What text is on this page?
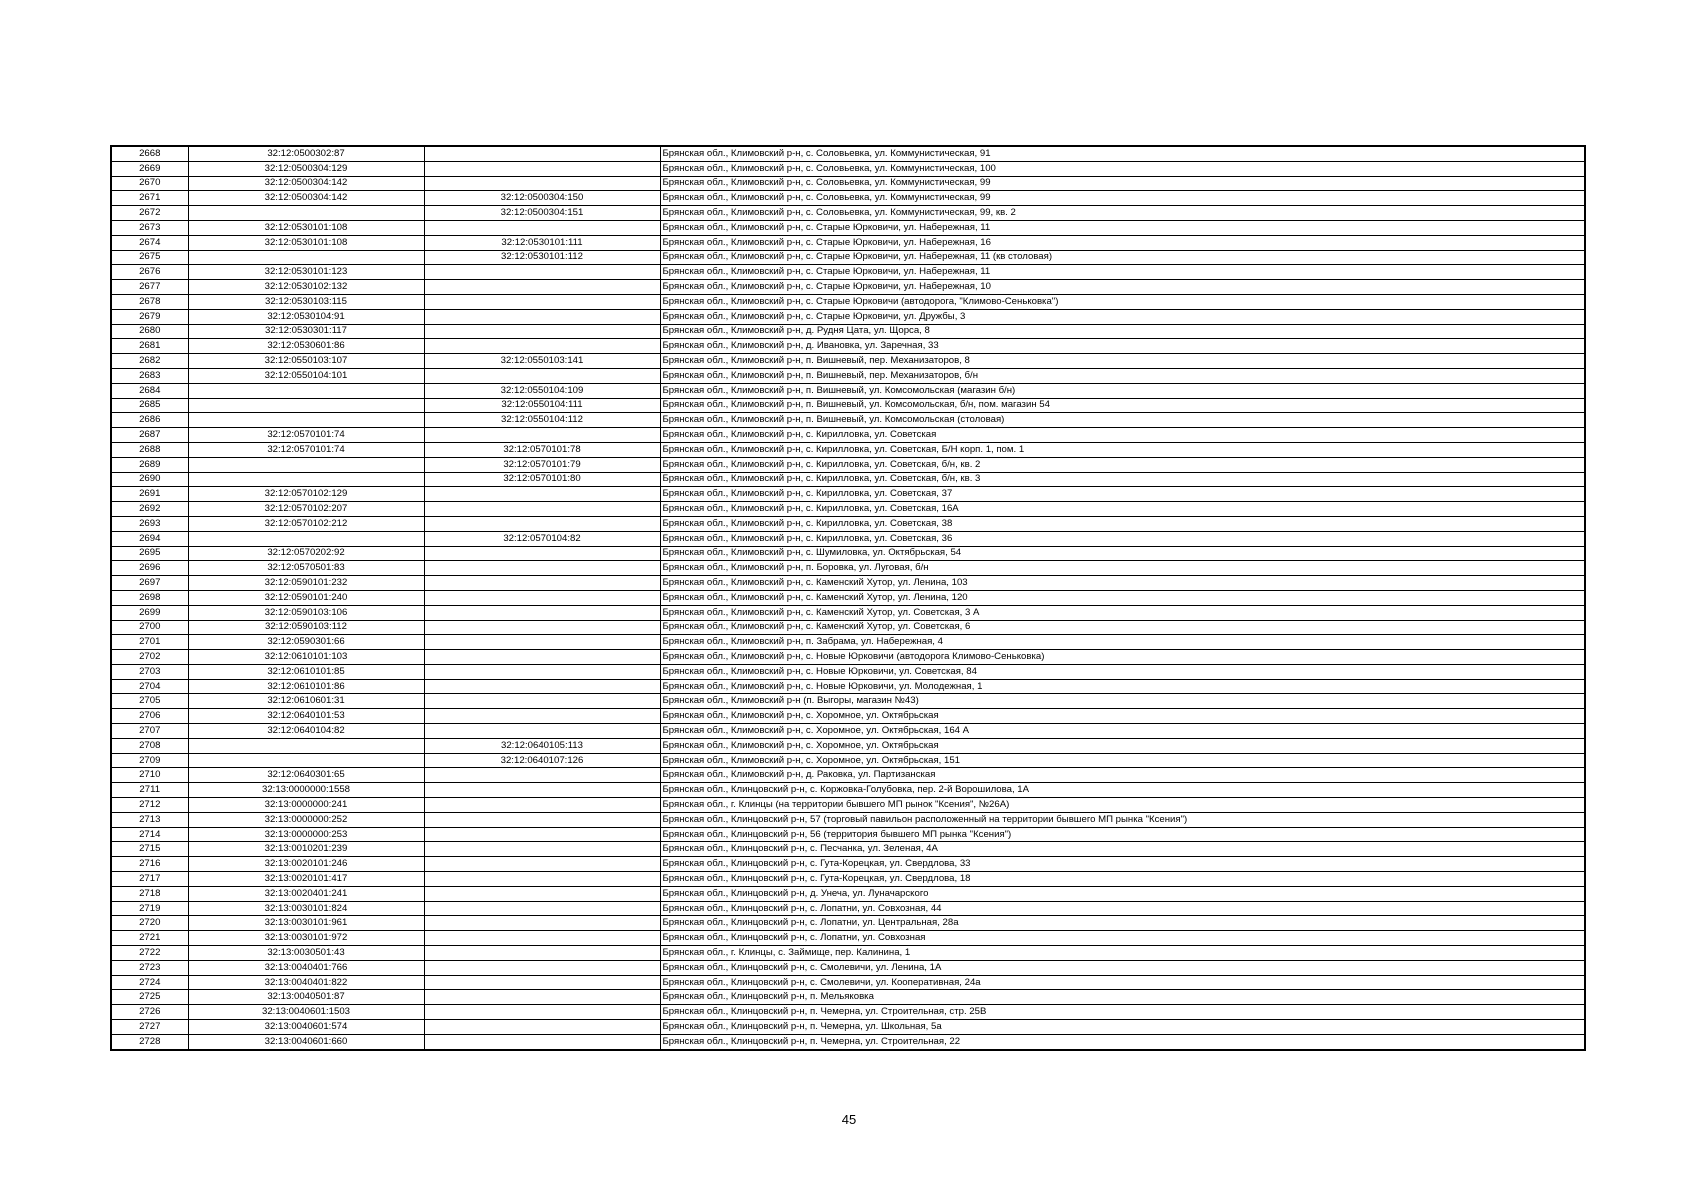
2668	32:12:0500302:87		Брянская обл., Климовский р-н, с. Соловьевка, ул. Коммунистическая, 91
2669	32:12:0500304:129		Брянская обл., Климовский р-н, с. Соловьевка, ул. Коммунистическая, 100
2670	32:12:0500304:142		Брянская обл., Климовский р-н, с. Соловьевка, ул. Коммунистическая, 99
2671	32:12:0500304:142	32:12:0500304:150	Брянская обл., Климовский р-н, с. Соловьевка, ул. Коммунистическая, 99
2672		32:12:0500304:151	Брянская обл., Климовский р-н, с. Соловьевка, ул. Коммунистическая, 99, кв. 2
2673	32:12:0530101:108		Брянская обл., Климовский р-н, с. Старые Юрковичи, ул. Набережная, 11
2674	32:12:0530101:108	32:12:0530101:111	Брянская обл., Климовский р-н, с. Старые Юрковичи, ул. Набережная, 16
2675		32:12:0530101:112	Брянская обл., Климовский р-н, с. Старые Юрковичи, ул. Набережная, 11 (кв столовая)
2676	32:12:0530101:123		Брянская обл., Климовский р-н, с. Старые Юрковичи, ул. Набережная, 11
2677	32:12:0530102:132		Брянская обл., Климовский р-н, с. Старые Юрковичи, ул. Набережная, 10
2678	32:12:0530103:115		Брянская обл., Климовский р-н, с. Старые Юрковичи (автодорога, "Климово-Сеньковка")
2679	32:12:0530104:91		Брянская обл., Климовский р-н, с. Старые Юрковичи, ул. Дружбы, 3
2680	32:12:0530301:117		Брянская обл., Климовский р-н, д. Рудня Цата, ул. Щорса, 8
2681	32:12:0530601:86		Брянская обл., Климовский р-н, д. Ивановка, ул. Заречная, 33
2682	32:12:0550103:107	32:12:0550103:141	Брянская обл., Климовский р-н, п. Вишневый, пер. Механизаторов, 8
2683	32:12:0550104:101		Брянская обл., Климовский р-н, п. Вишневый, пер. Механизаторов, б/н
2684		32:12:0550104:109	Брянская обл., Климовский р-н, п. Вишневый, ул. Комсомольская (магазин б/н)
2685		32:12:0550104:111	Брянская обл., Климовский р-н, п. Вишневый, ул. Комсомольская, б/н, пом. магазин 54
2686		32:12:0550104:112	Брянская обл., Климовский р-н, п. Вишневый, ул. Комсомольская (столовая)
2687	32:12:0570101:74		Брянская обл., Климовский р-н, с. Кирилловка, ул. Советская
2688	32:12:0570101:74	32:12:0570101:78	Брянская обл., Климовский р-н, с. Кирилловка, ул. Советская, Б/Н корп. 1, пом. 1
2689		32:12:0570101:79	Брянская обл., Климовский р-н, с. Кирилловка, ул. Советская, б/н, кв. 2
2690		32:12:0570101:80	Брянская обл., Климовский р-н, с. Кирилловка, ул. Советская, б/н, кв. 3
2691	32:12:0570102:129		Брянская обл., Климовский р-н, с. Кирилловка, ул. Советская, 37
2692	32:12:0570102:207		Брянская обл., Климовский р-н, с. Кирилловка, ул. Советская, 16А
2693	32:12:0570102:212		Брянская обл., Климовский р-н, с. Кирилловка, ул. Советская, 38
2694		32:12:0570104:82	Брянская обл., Климовский р-н, с. Кирилловка, ул. Советская, 36
2695	32:12:0570202:92		Брянская обл., Климовский р-н, с. Шумиловка, ул. Октябрьская, 54
2696	32:12:0570501:83		Брянская обл., Климовский р-н, п. Боровка, ул. Луговая, б/н
2697	32:12:0590101:232		Брянская обл., Климовский р-н, с. Каменский Хутор, ул. Ленина, 103
2698	32:12:0590101:240		Брянская обл., Климовский р-н, с. Каменский Хутор, ул. Ленина, 120
2699	32:12:0590103:106		Брянская обл., Климовский р-н, с. Каменский Хутор, ул. Советская, 3 А
2700	32:12:0590103:112		Брянская обл., Климовский р-н, с. Каменский Хутор, ул. Советская, 6
2701	32:12:0590301:66		Брянская обл., Климовский р-н, п. Забрама, ул. Набережная, 4
2702	32:12:0610101:103		Брянская обл., Климовский р-н, с. Новые Юрковичи (автодорога Климово-Сеньковка)
2703	32:12:0610101:85		Брянская обл., Климовский р-н, с. Новые Юрковичи, ул. Советская, 84
2704	32:12:0610101:86		Брянская обл., Климовский р-н, с. Новые Юрковичи, ул. Молодежная, 1
2705	32:12:0610601:31		Брянская обл., Климовский р-н (п. Выгоры, магазин №43)
2706	32:12:0640101:53		Брянская обл., Климовский р-н, с. Хоромное, ул. Октябрьская
2707	32:12:0640104:82		Брянская обл., Климовский р-н, с. Хоромное, ул. Октябрьская, 164 А
2708		32:12:0640105:113	Брянская обл., Климовский р-н, с. Хоромное, ул. Октябрьская
2709		32:12:0640107:126	Брянская обл., Климовский р-н, с. Хоромное, ул. Октябрьская, 151
2710	32:12:0640301:65		Брянская обл., Климовский р-н, д. Раковка, ул. Партизанская
2711	32:13:0000000:1558		Брянская обл., Клинцовский р-н, с. Коржовка-Голубовка, пер. 2-й Ворошилова, 1А
2712	32:13:0000000:241		Брянская обл., г. Клинцы (на территории бывшего МП рынок "Ксения", №26А)
2713	32:13:0000000:252		Брянская обл., Клинцовский р-н, 57 (торговый павильон расположенный на территории бывшего МП рынка "Ксения")
2714	32:13:0000000:253		Брянская обл., Клинцовский р-н, 56 (территория бывшего МП рынка "Ксения")
2715	32:13:0010201:239		Брянская обл., Клинцовский р-н, с. Песчанка, ул. Зеленая, 4А
2716	32:13:0020101:246		Брянская обл., Клинцовский р-н, с. Гута-Корецкая, ул. Свердлова, 33
2717	32:13:0020101:417		Брянская обл., Клинцовский р-н, с. Гута-Корецкая, ул. Свердлова, 18
2718	32:13:0020401:241		Брянская обл., Клинцовский р-н, д. Унеча, ул. Луначарского
2719	32:13:0030101:824		Брянская обл., Клинцовский р-н, с. Лопатни, ул. Совхозная, 44
2720	32:13:0030101:961		Брянская обл., Клинцовский р-н, с. Лопатни, ул. Центральная, 28а
2721	32:13:0030101:972		Брянская обл., Клинцовский р-н, с. Лопатни, ул. Совхозная
2722	32:13:0030501:43		Брянская обл., г. Клинцы, с. Займище, пер. Калинина, 1
2723	32:13:0040401:766		Брянская обл., Клинцовский р-н, с. Смолевичи, ул. Ленина, 1А
2724	32:13:0040401:822		Брянская обл., Клинцовский р-н, с. Смолевичи, ул. Кооперативная, 24а
2725	32:13:0040501:87		Брянская обл., Клинцовский р-н, п. Мельяковка
2726	32:13:0040601:1503		Брянская обл., Клинцовский р-н, п. Чемерна, ул. Строительная, стр. 25В
2727	32:13:0040601:574		Брянская обл., Клинцовский р-н, п. Чемерна, ул. Школьная, 5а
2728	32:13:0040601:660		Брянская обл., Клинцовский р-н, п. Чемерна, ул. Строительная, 22
45
